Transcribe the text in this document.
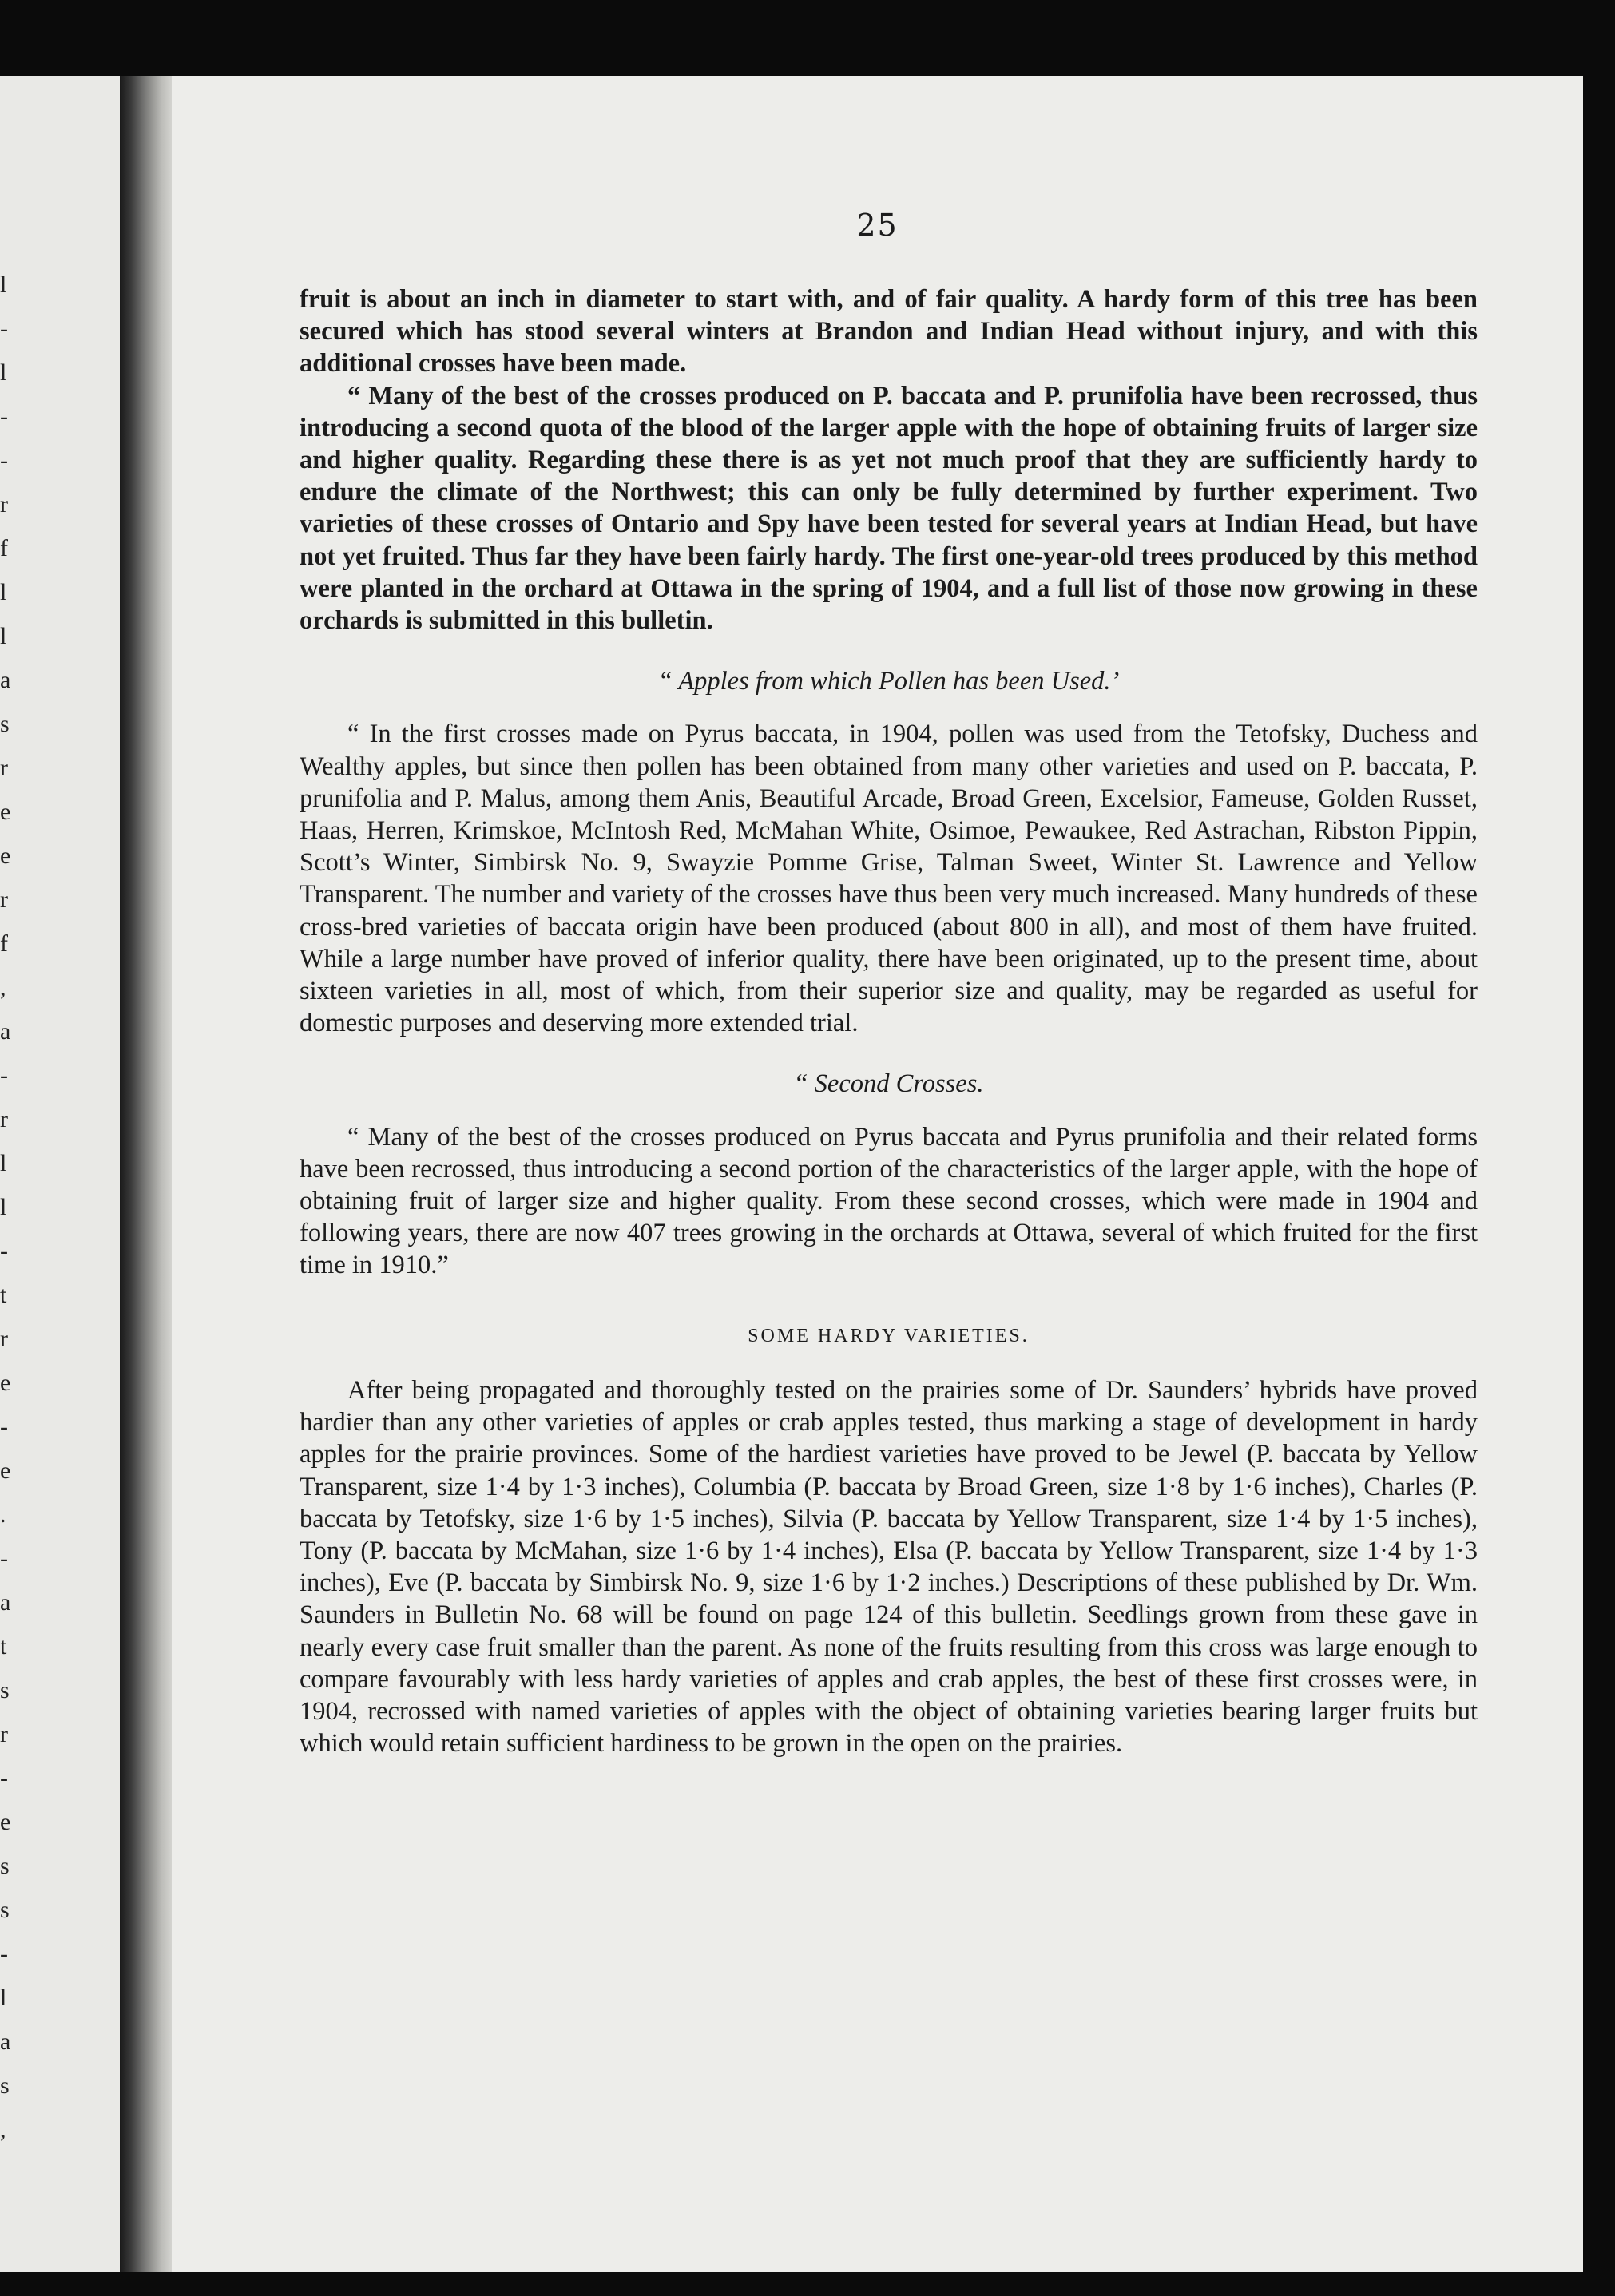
l
-
l
-
-
r
f
l
l
a
s
r
e
e
r
f
,
a
-
r
l
l
-
t
r
e
-
e
.
-
a
t
s
r
-
e
s
s
-
l
a
s
,
25

fruit is about an inch in diameter to start with, and of fair quality. A hardy form of this tree has been secured which has stood several winters at Brandon and Indian Head without injury, and with this additional crosses have been made.

“ Many of the best of the crosses produced on P. baccata and P. prunifolia have been recrossed, thus introducing a second quota of the blood of the larger apple with the hope of obtaining fruits of larger size and higher quality. Regarding these there is as yet not much proof that they are sufficiently hardy to endure the climate of the Northwest; this can only be fully determined by further experiment. Two varieties of these crosses of Ontario and Spy have been tested for several years at Indian Head, but have not yet fruited. Thus far they have been fairly hardy. The first one-year-old trees produced by this method were planted in the orchard at Ottawa in the spring of 1904, and a full list of those now growing in these orchards is submitted in this bulletin.

“ Apples from which Pollen has been Used.’

“ In the first crosses made on Pyrus baccata, in 1904, pollen was used from the Tetofsky, Duchess and Wealthy apples, but since then pollen has been obtained from many other varieties and used on P. baccata, P. prunifolia and P. Malus, among them Anis, Beautiful Arcade, Broad Green, Excelsior, Fameuse, Golden Russet, Haas, Herren, Krimskoe, McIntosh Red, McMahan White, Osimoe, Pewaukee, Red Astrachan, Ribston Pippin, Scott’s Winter, Simbirsk No. 9, Swayzie Pomme Grise, Talman Sweet, Winter St. Lawrence and Yellow Transparent. The number and variety of the crosses have thus been very much increased. Many hundreds of these cross-bred varieties of baccata origin have been produced (about 800 in all), and most of them have fruited. While a large number have proved of inferior quality, there have been originated, up to the present time, about sixteen varieties in all, most of which, from their superior size and quality, may be regarded as useful for domestic purposes and deserving more extended trial.

“ Second Crosses.

“ Many of the best of the crosses produced on Pyrus baccata and Pyrus prunifolia and their related forms have been recrossed, thus introducing a second portion of the characteristics of the larger apple, with the hope of obtaining fruit of larger size and higher quality. From these second crosses, which were made in 1904 and following years, there are now 407 trees growing in the orchards at Ottawa, several of which fruited for the first time in 1910.”

SOME HARDY VARIETIES.

After being propagated and thoroughly tested on the prairies some of Dr. Saunders’ hybrids have proved hardier than any other varieties of apples or crab apples tested, thus marking a stage of development in hardy apples for the prairie provinces. Some of the hardiest varieties have proved to be Jewel (P. baccata by Yellow Transparent, size 1·4 by 1·3 inches), Columbia (P. baccata by Broad Green, size 1·8 by 1·6 inches), Charles (P. baccata by Tetofsky, size 1·6 by 1·5 inches), Silvia (P. baccata by Yellow Transparent, size 1·4 by 1·5 inches), Tony (P. baccata by McMahan, size 1·6 by 1·4 inches), Elsa (P. baccata by Yellow Transparent, size 1·4 by 1·3 inches), Eve (P. baccata by Simbirsk No. 9, size 1·6 by 1·2 inches.) Descriptions of these published by Dr. Wm. Saunders in Bulletin No. 68 will be found on page 124 of this bulletin. Seedlings grown from these gave in nearly every case fruit smaller than the parent. As none of the fruits resulting from this cross was large enough to compare favourably with less hardy varieties of apples and crab apples, the best of these first crosses were, in 1904, recrossed with named varieties of apples with the object of obtaining varieties bearing larger fruits but which would retain sufficient hardiness to be grown in the open on the prairies.
